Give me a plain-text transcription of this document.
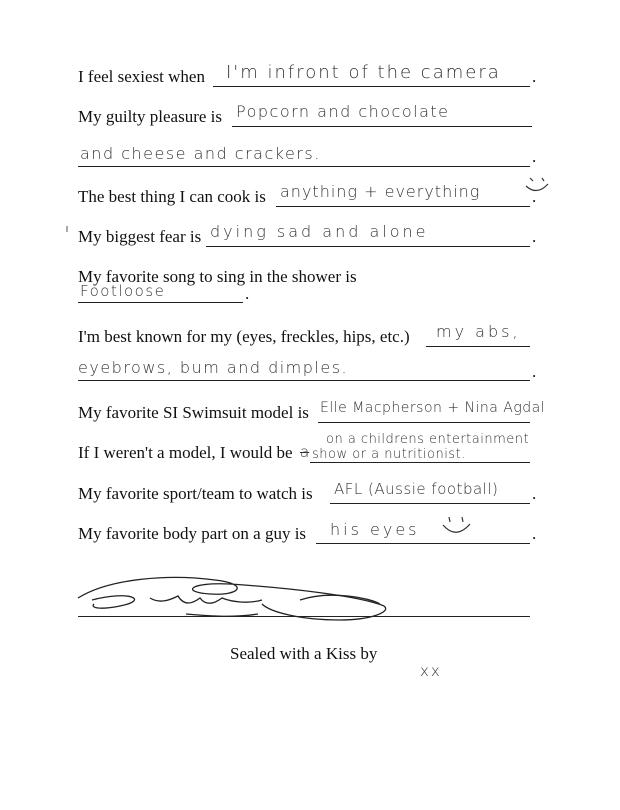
I feel sexiest when I'm infront of the camera .
My guilty pleasure is Popcorn and chocolate
and cheese and crackers.	.
The best thing I can cook is anything + everything	.
My biggest fear is dying sad and alone	.
My favorite song to sing in the shower is
Footloose	.
I'm best known for my (eyes, freckles, hips, etc.) my abs,
eyebrows, bum and dimples.	.
My favorite SI Swimsuit model is Elle Macpherson + Nina Agdal
If I weren't a model, I would be a
on a childrens entertainment
show or a nutritionist.
My favorite sport/team to watch is AFL (Aussie football) .
My favorite body part on a guy is his eyes	.
Sealed with a Kiss by
xx
